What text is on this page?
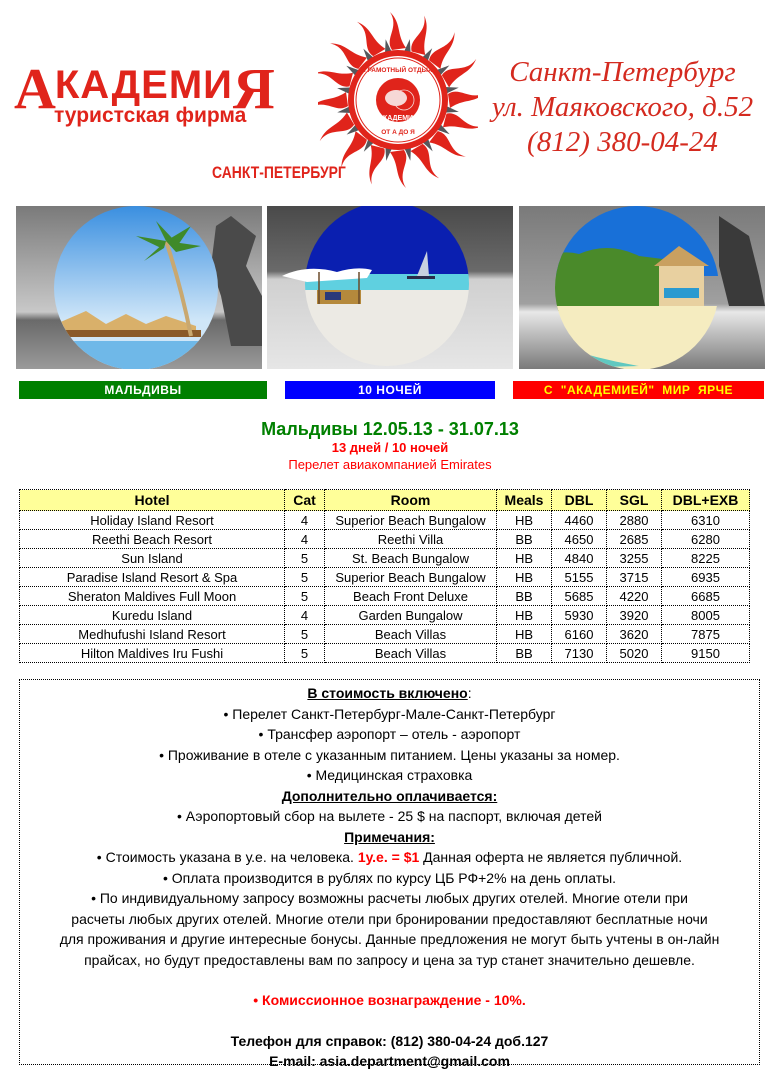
АКАДЕМИЯ
туристская фирма
САНКТ-ПЕТЕРБУРГ
ГРАМОТНЫЙ ОТДЫХ
АКАДЕМИЯ
ОТ А ДО Я
Санкт-Петербург
ул. Маяковского, д.52
(812) 380-04-24
МАЛЬДИВЫ	10 НОЧЕЙ	С  "АКАДЕМИЕЙ"  МИР  ЯРЧЕ
Мальдивы 12.05.13 - 31.07.13
13 дней / 10 ночей
Перелет авиакомпанией Emirates
Hotel	Cat	Room	Meals	DBL	SGL	DBL+EXB
Holiday Island Resort	4	Superior Beach Bungalow	HB	4460	2880	6310
Reethi Beach Resort	4	Reethi Villa	BB	4650	2685	6280
Sun Island	5	St. Beach Bungalow	HB	4840	3255	8225
Paradise Island Resort & Spa	5	Superior Beach Bungalow	HB	5155	3715	6935
Sheraton Maldives Full Moon	5	Beach Front Deluxe	BB	5685	4220	6685
Kuredu Island	4	Garden Bungalow	HB	5930	3920	8005
Medhufushi Island Resort	5	Beach Villas	HB	6160	3620	7875
Hilton Maldives Iru Fushi	5	Beach Villas	BB	7130	5020	9150
В стоимость включено:
• Перелет Санкт-Петербург-Мале-Санкт-Петербург
• Трансфер аэропорт – отель - аэропорт
• Проживание в отеле с указанным питанием. Цены указаны за номер.
• Медицинская страховка
Дополнительно оплачивается:
• Аэропортовый сбор на вылете - 25 $ на паспорт, включая детей
Примечания:
• Стоимость указана в у.е. на человека. 1у.е. = $1 Данная оферта не является публичной.
• Оплата производится в рублях по курсу ЦБ РФ+2% на день оплаты.
• По индивидуальному запросу возможны расчеты любых других отелей. Многие отели при
расчеты любых других отелей. Многие отели при бронировании предоставляют бесплатные ночи
для проживания и другие интересные бонусы. Данные предложения не могут быть учтены в он-лайн
прайсах, но будут предоставлены вам по запросу и цена за тур станет значительно дешевле.
• Комиссионное вознаграждение - 10%.
Телефон для справок: (812) 380-04-24 доб.127
E-mail: asia.department@gmail.com
